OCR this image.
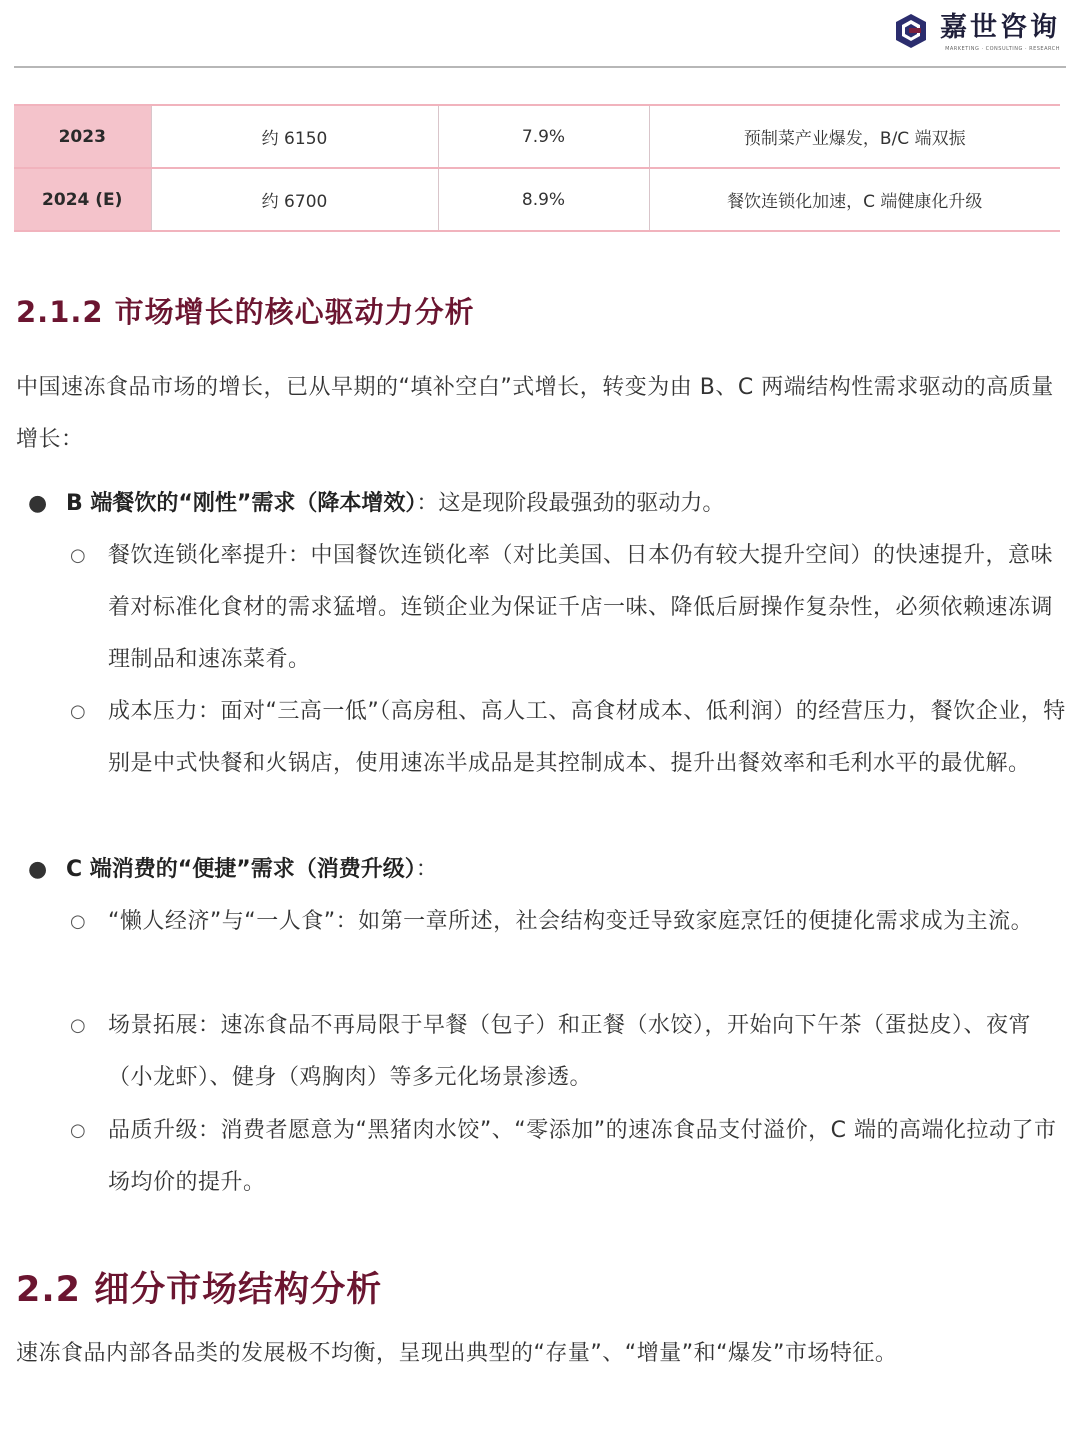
嘉世咨询
MARKETING · CONSULTING · RESEARCH
2023	约 6150	7.9%	预制菜产业爆发，B/C 端双振
2024 (E)	约 6700	8.9%	餐饮连锁化加速，C 端健康化升级
2.1.2 市场增长的核心驱动力分析
中国速冻食品市场的增长，已从早期的“填补空白”式增长，转变为由 B、C 两端结构性需求驱动的高质量增长：
● B 端餐饮的“刚性”需求（降本增效）：这是现阶段最强劲的驱动力。
○ 餐饮连锁化率提升：中国餐饮连锁化率（对比美国、日本仍有较大提升空间）的快速提升，意味着对标准化食材的需求猛增。连锁企业为保证千店一味、降低后厨操作复杂性，必须依赖速冻调理制品和速冻菜肴。
○ 成本压力：面对“三高一低”（高房租、高人工、高食材成本、低利润）的经营压力，餐饮企业，特别是中式快餐和火锅店，使用速冻半成品是其控制成本、提升出餐效率和毛利水平的最优解。
● C 端消费的“便捷”需求（消费升级）：
○ “懒人经济”与“一人食”：如第一章所述，社会结构变迁导致家庭烹饪的便捷化需求成为主流。
○ 场景拓展：速冻食品不再局限于早餐（包子）和正餐（水饺），开始向下午茶（蛋挞皮）、夜宵（小龙虾）、健身（鸡胸肉）等多元化场景渗透。
○ 品质升级：消费者愿意为“黑猪肉水饺”、“零添加”的速冻食品支付溢价，C 端的高端化拉动了市场均价的提升。
2.2 细分市场结构分析
速冻食品内部各品类的发展极不均衡，呈现出典型的“存量”、“增量”和“爆发”市场特征。
